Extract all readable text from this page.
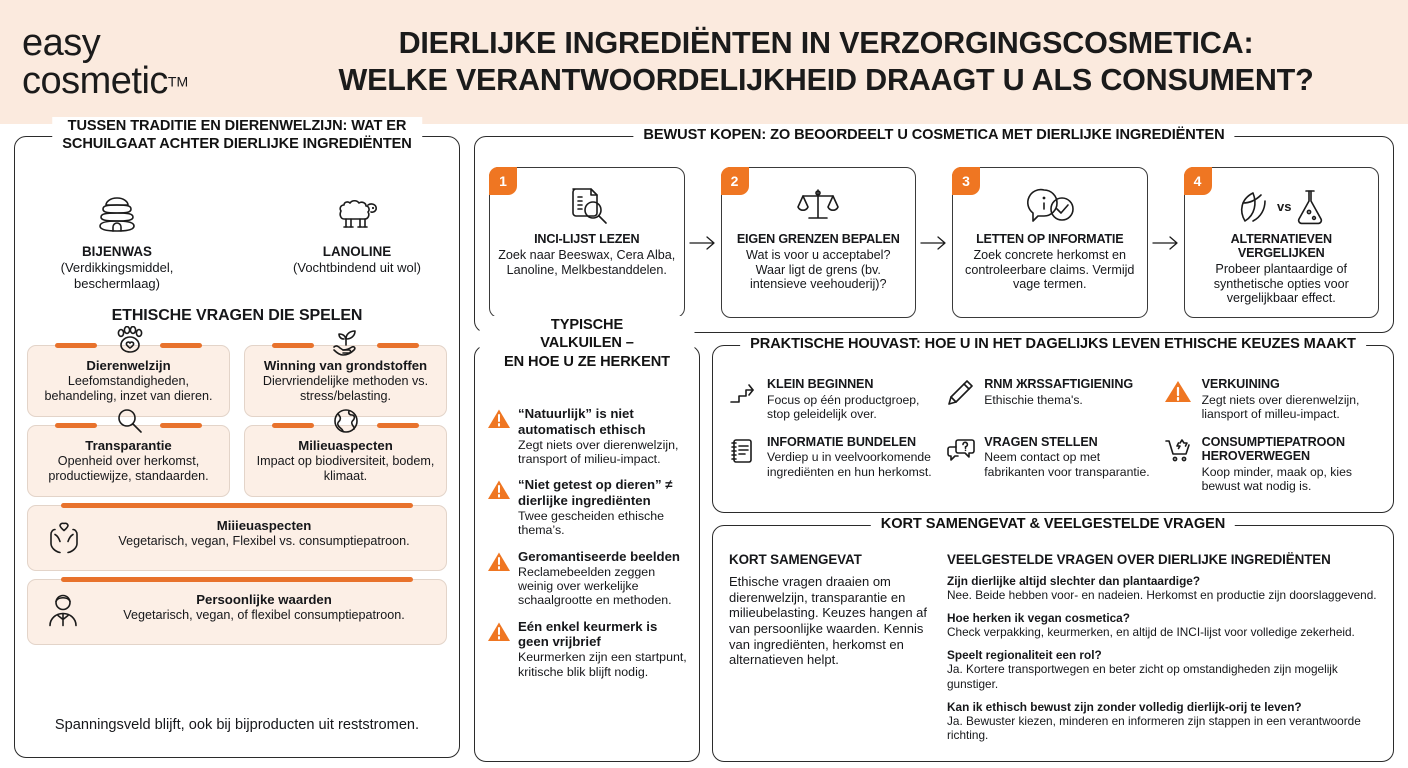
easy
cosmeticTM
DIERLIJKE INGREDIËNTEN IN VERZORGINGSCOSMETICA:
WELKE VERANTWOORDELIJKHEID DRAAGT U ALS CONSUMENT?
TUSSEN TRADITIE EN DIERENWELZIJN: WAT ER
SCHUILGAAT ACHTER DIERLIJKE INGREDIËNTEN
BIJENWAS
(Verdikkingsmiddel,
beschermlaag)
LANOLINE
(Vochtbindend uit wol)
ETHISCHE VRAGEN DIE SPELEN
Dierenwelzijn
Leefomstandigheden, behandeling, inzet van dieren.
Winning van grondstoffen
Diervriendelijke methoden vs. stress/belasting.
Transparantie
Openheid over herkomst, productiewijze, standaarden.
Milieuaspecten
Impact op biodiversiteit, bodem, klimaat.
Miiieuaspecten
Vegetarisch, vegan, Flexibel vs. consumptiepatroon.
Persoonlijke waarden
Vegetarisch, vegan, of flexibel consumptiepatroon.
Spanningsveld blijft, ook bij bijproducten uit reststromen.
BEWUST KOPEN: ZO BEOORDEELT U COSMETICA MET DIERLIJKE INGREDIËNTEN
1
INCI-LIJST LEZEN
Zoek naar Beeswax, Cera Alba, Lanoline, Melkbestanddelen.
2
EIGEN GRENZEN BEPALEN
Wat is voor u acceptabel? Waar ligt de grens (bv. intensieve veehouderij)?
3
LETTEN OP INFORMATIE
Zoek concrete herkomst en controleerbare claims. Vermijd vage termen.
4
vs
ALTERNATIEVEN VERGELIJKEN
Probeer plantaardige of synthetische opties voor vergelijkbaar effect.
TYPISCHE
VALKUILEN –
EN HOE U ZE HERKENT
“Natuurlijk” is niet automatisch ethisch
Zegt niets over dierenwelzijn, transport of milieu-impact.
“Niet getest op dieren” ≠ dierlijke ingrediënten
Twee gescheiden ethische thema’s.
Geromantiseerde beelden
Reclamebeelden zeggen weinig over werkelijke schaalgrootte en methoden.
Eén enkel keurmerk is geen vrijbrief
Keurmerken zijn een startpunt, kritische blik blijft nodig.
PRAKTISCHE HOUVAST: HOE U IN HET DAGELIJKS LEVEN ETHISCHE KEUZES MAAKT
KLEIN BEGINNEN
Focus op één productgroep, stop geleidelijk over.
RNM ЖRSSAFTIGIENING
Ethischie thema's.
VERKUINING
Zegt niets over dierenwelzijn, liansport of milleu-impact.
INFORMATIE BUNDELEN
Verdiep u in veelvoorkomende ingrediënten en hun herkomst.
VRAGEN STELLEN
Neem contact op met fabrikanten voor transparantie.
CONSUMPTIEPATROON HEROVERWEGEN
Koop minder, maak op, kies bewust wat nodig is.
KORT SAMENGEVAT & VEELGESTELDE VRAGEN
KORT SAMENGEVAT
Ethische vragen draaien om dierenwelzijn, transparantie en milieubelasting. Keuzes hangen af van persoonlijke waarden. Kennis van ingrediënten, herkomst en alternatieven helpt.
VEELGESTELDE VRAGEN OVER DIERLIJKE INGREDIËNTEN
Zijn dierlijke altijd slechter dan plantaardige?
Nee. Beide hebben voor- en nadeien. Herkomst en productie zijn doorslaggevend.
Hoe herken ik vegan cosmetica?
Check verpakking, keurmerken, en altijd de INCI-lijst voor volledige zekerheid.
Speelt regionaliteit een rol?
Ja. Kortere transportwegen en beter zicht op omstandigheden zijn mogelijk gunstiger.
Kan ik ethisch bewust zijn zonder volledig dierlijk-orij te leven?
Ja. Bewuster kiezen, minderen en informeren zijn stappen in een verantwoorde richting.
